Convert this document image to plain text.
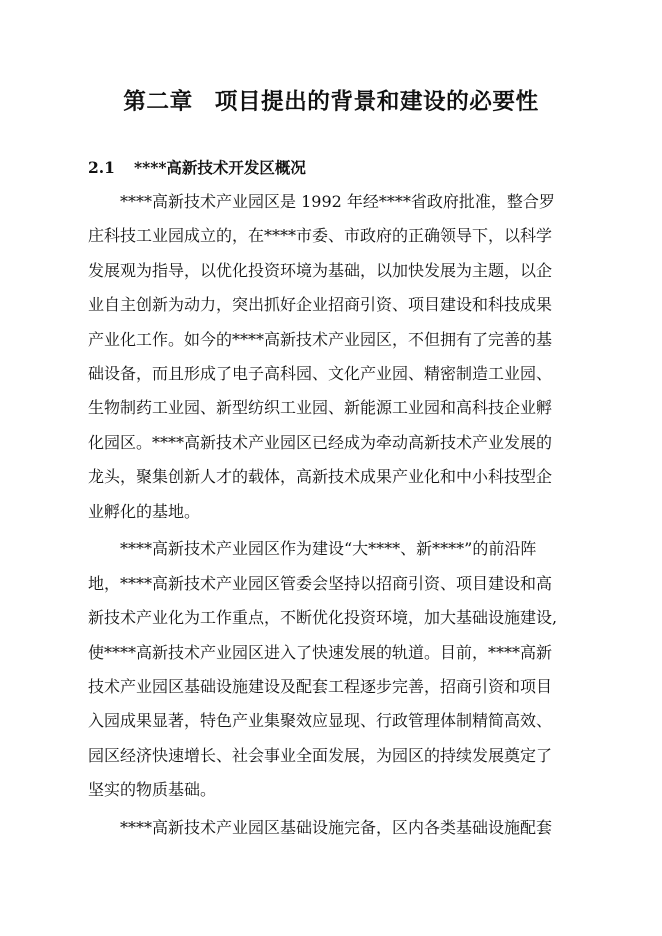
第二章 项目提出的背景和建设的必要性
2.1 ****高新技术开发区概况
****高新技术产业园区是 1992 年经****省政府批准，整合罗
庄科技工业园成立的，在****市委、市政府的正确领导下，以科学
发展观为指导，以优化投资环境为基础，以加快发展为主题，以企
业自主创新为动力，突出抓好企业招商引资、项目建设和科技成果
产业化工作。如今的****高新技术产业园区，不但拥有了完善的基
础设备，而且形成了电子高科园、文化产业园、精密制造工业园、
生物制药工业园、新型纺织工业园、新能源工业园和高科技企业孵
化园区。****高新技术产业园区已经成为牵动高新技术产业发展的
龙头，聚集创新人才的载体，高新技术成果产业化和中小科技型企
业孵化的基地。
****高新技术产业园区作为建设“大****、新****”的前沿阵
地，****高新技术产业园区管委会坚持以招商引资、项目建设和高
新技术产业化为工作重点，不断优化投资环境，加大基础设施建设,
使****高新技术产业园区进入了快速发展的轨道。目前，****高新
技术产业园区基础设施建设及配套工程逐步完善，招商引资和项目
入园成果显著，特色产业集聚效应显现、行政管理体制精简高效、
园区经济快速增长、社会事业全面发展，为园区的持续发展奠定了
坚实的物质基础。
****高新技术产业园区基础设施完备，区内各类基础设施配套
